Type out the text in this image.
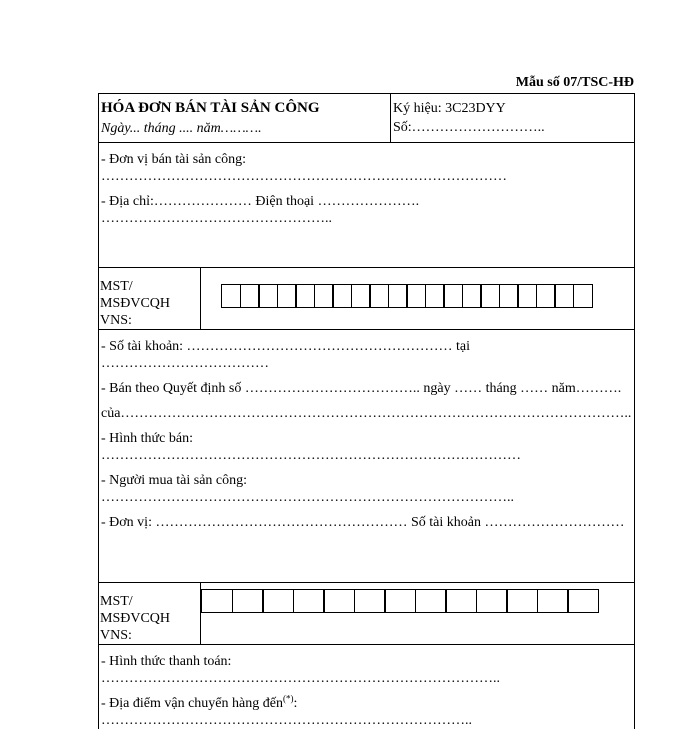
Mẫu số 07/TSC-HĐ
HÓA ĐƠN BÁN TÀI SẢN CÔNG
Ngày... tháng .... năm……….
Ký hiệu: 3C23DYY
Số:………………………..

- Đơn vị bán tài sản công:

……………………………………………………………………………

- Địa chỉ:………………… Điện thoại ………………….

…………………………………………..

MST/
MSĐVCQH
VNS:

- Số tài khoản: ………………………………………………… tại ………………………………

- Bán theo Quyết định số ……………………………….. ngày …… tháng …… năm……….

của………………………………………………………………………………………………..

- Hình thức bán:

………………………………………………………………………………

- Người mua tài sản công:

……………………………………………………………………………..

- Đơn vị: ……………………………………………… Số tài khoản …………………………

MST/
MSĐVCQH
VNS:

- Hình thức thanh toán:

…………………………………………………………………………..

- Địa điểm vận chuyển hàng đến(*):

……………………………………………………………………..
